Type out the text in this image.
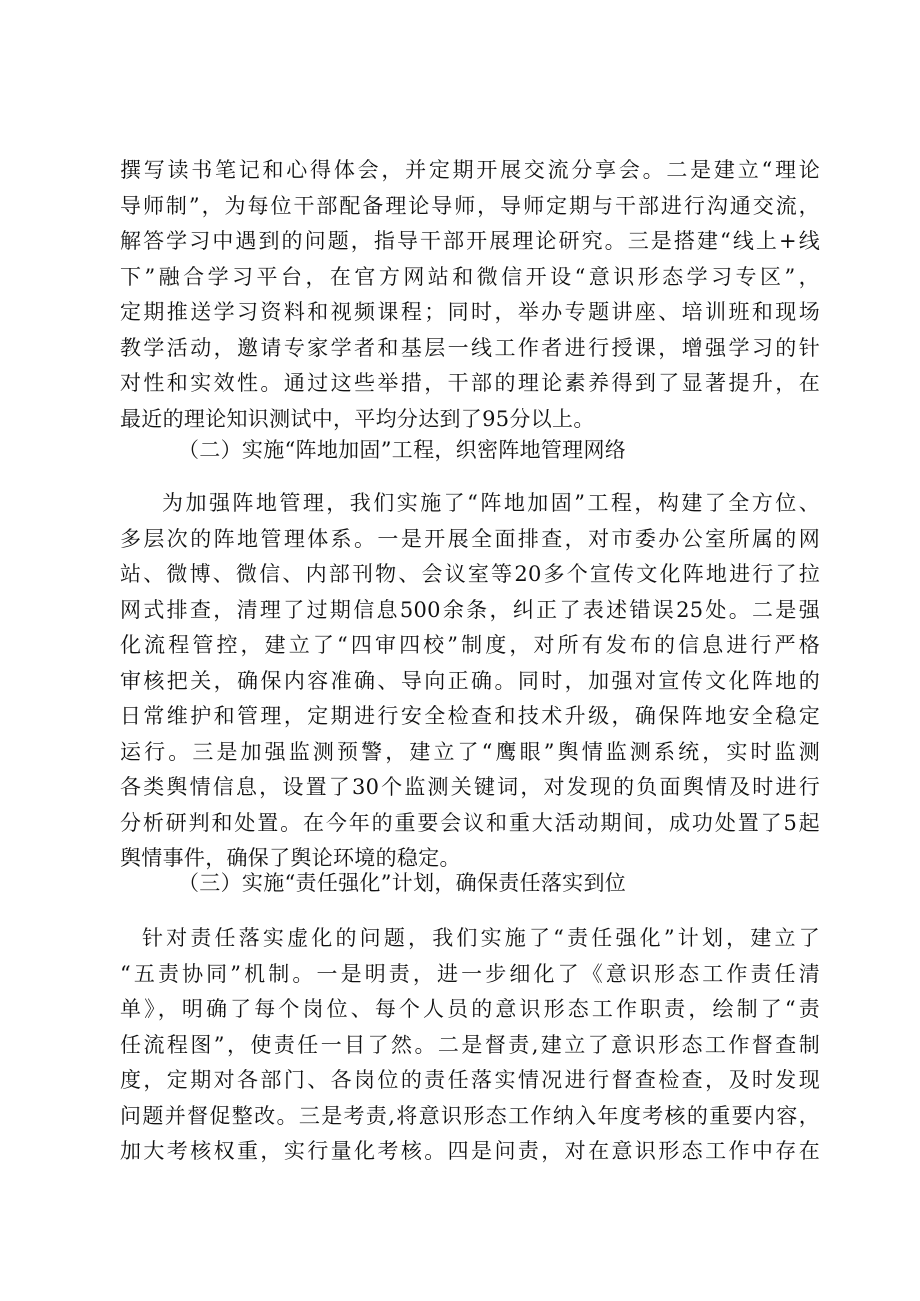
撰写读书笔记和心得体会，并定期开展交流分享会。二是建立“理论
导师制”，为每位干部配备理论导师，导师定期与干部进行沟通交流，
解答学习中遇到的问题，指导干部开展理论研究。三是搭建“线上+线
下”融合学习平台，在官方网站和微信开设“意识形态学习专区”，
定期推送学习资料和视频课程；同时，举办专题讲座、培训班和现场
教学活动，邀请专家学者和基层一线工作者进行授课，增强学习的针
对性和实效性。通过这些举措，干部的理论素养得到了显著提升，在
最近的理论知识测试中，平均分达到了95分以上。
（二）实施“阵地加固”工程，织密阵地管理网络
为加强阵地管理，我们实施了“阵地加固”工程，构建了全方位、
多层次的阵地管理体系。一是开展全面排查，对市委办公室所属的网
站、微博、微信、内部刊物、会议室等20多个宣传文化阵地进行了拉
网式排查，清理了过期信息500余条，纠正了表述错误25处。二是强
化流程管控，建立了“四审四校”制度，对所有发布的信息进行严格
审核把关，确保内容准确、导向正确。同时，加强对宣传文化阵地的
日常维护和管理，定期进行安全检查和技术升级，确保阵地安全稳定
运行。三是加强监测预警，建立了“鹰眼”舆情监测系统，实时监测
各类舆情信息，设置了30个监测关键词，对发现的负面舆情及时进行
分析研判和处置。在今年的重要会议和重大活动期间，成功处置了5起
舆情事件，确保了舆论环境的稳定。
（三）实施“责任强化”计划，确保责任落实到位
针对责任落实虚化的问题，我们实施了“责任强化”计划，建立了
“五责协同”机制。一是明责，进一步细化了《意识形态工作责任清
单》，明确了每个岗位、每个人员的意识形态工作职责，绘制了“责
任流程图”，使责任一目了然。二是督责,建立了意识形态工作督查制
度，定期对各部门、各岗位的责任落实情况进行督查检查，及时发现
问题并督促整改。三是考责,将意识形态工作纳入年度考核的重要内容，
加大考核权重，实行量化考核。四是问责，对在意识形态工作中存在
